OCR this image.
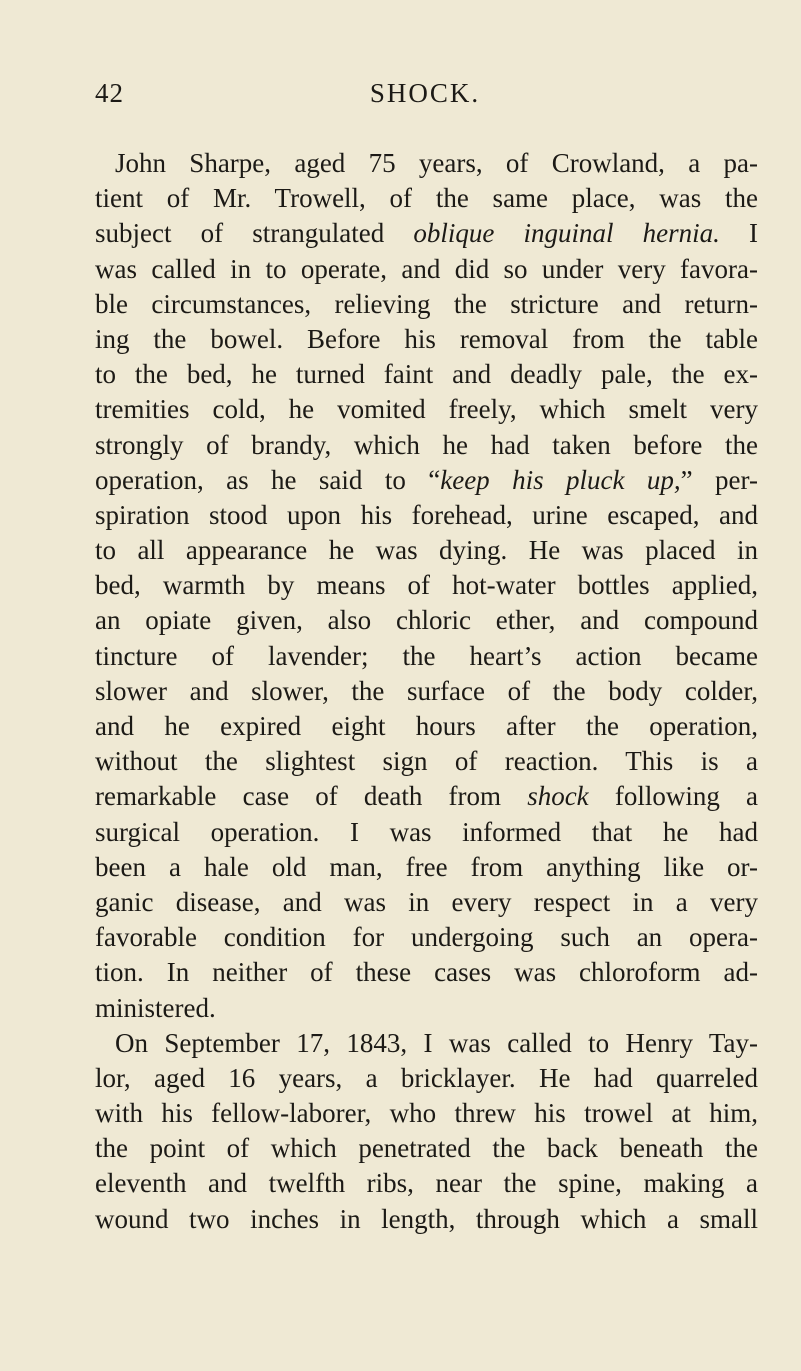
42	SHOCK.
John Sharpe, aged 75 years, of Crowland, a pa-
tient of Mr. Trowell, of the same place, was the
subject of strangulated oblique inguinal hernia. I
was called in to operate, and did so under very favora-
ble circumstances, relieving the stricture and return-
ing the bowel. Before his removal from the table
to the bed, he turned faint and deadly pale, the ex-
tremities cold, he vomited freely, which smelt very
strongly of brandy, which he had taken before the
operation, as he said to “keep his pluck up,” per-
spiration stood upon his forehead, urine escaped, and
to all appearance he was dying. He was placed in
bed, warmth by means of hot-water bottles applied,
an opiate given, also chloric ether, and compound
tincture of lavender; the heart’s action became
slower and slower, the surface of the body colder,
and he expired eight hours after the operation,
without the slightest sign of reaction. This is a
remarkable case of death from shock following a
surgical operation. I was informed that he had
been a hale old man, free from anything like or-
ganic disease, and was in every respect in a very
favorable condition for undergoing such an opera-
tion. In neither of these cases was chloroform ad-
ministered.
On September 17, 1843, I was called to Henry Tay-
lor, aged 16 years, a bricklayer. He had quarreled
with his fellow-laborer, who threw his trowel at him,
the point of which penetrated the back beneath the
eleventh and twelfth ribs, near the spine, making a
wound two inches in length, through which a small
